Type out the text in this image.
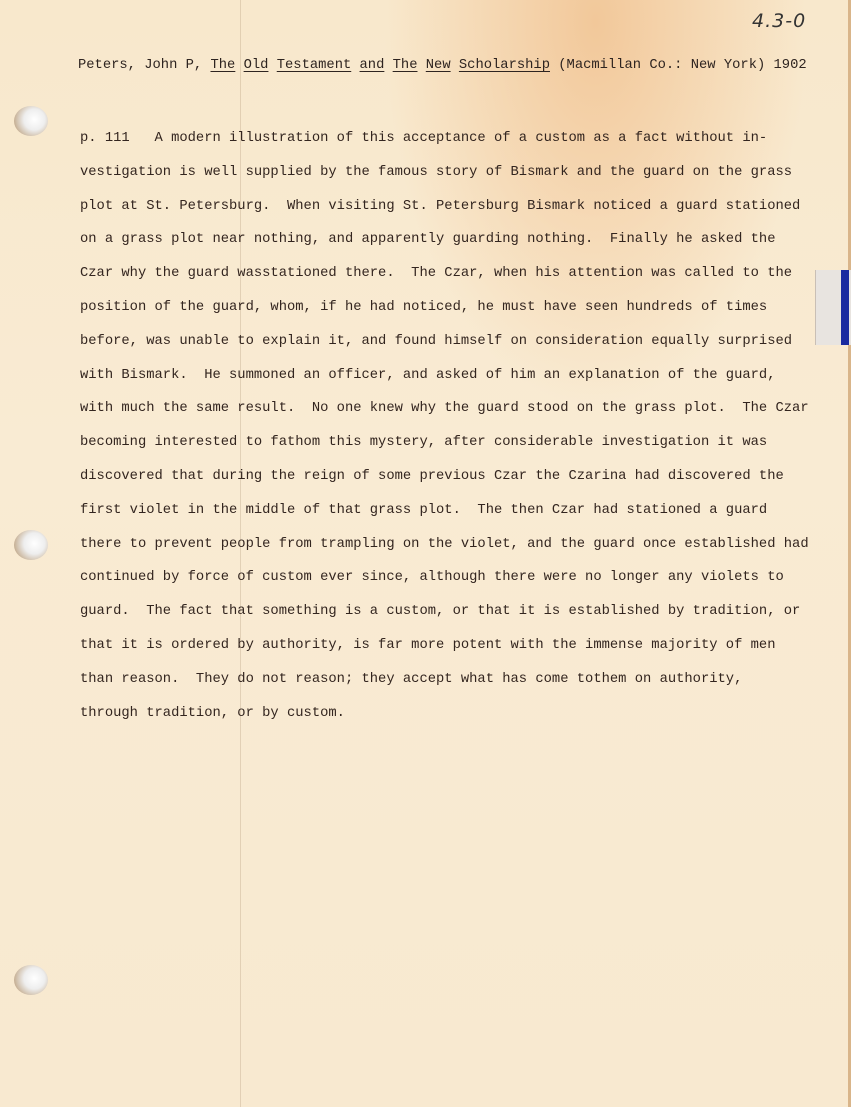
4.3-0
Peters, John P, The Old Testament and The New Scholarship (Macmillan Co.: New York) 1902
p. 111   A modern illustration of this acceptance of a custom as a fact without in-
vestigation is well supplied by the famous story of Bismark and the guard on the grass
plot at St. Petersburg.  When visiting St. Petersburg Bismark noticed a guard stationed
on a grass plot near nothing, and apparently guarding nothing.  Finally he asked the
Czar why the guard wasstationed there.  The Czar, when his attention was called to the
position of the guard, whom, if he had noticed, he must have seen hundreds of times
before, was unable to explain it, and found himself on consideration equally surprised
with Bismark.  He summoned an officer, and asked of him an explanation of the guard,
with much the same result.  No one knew why the guard stood on the grass plot.  The Czar
becoming interested to fathom this mystery, after considerable investigation it was
discovered that during the reign of some previous Czar the Czarina had discovered the
first violet in the middle of that grass plot.  The then Czar had stationed a guard
there to prevent people from trampling on the violet, and the guard once established had
continued by force of custom ever since, although there were no longer any violets to
guard.  The fact that something is a custom, or that it is established by tradition, or
that it is ordered by authority, is far more potent with the immense majority of men
than reason.  They do not reason; they accept what has come tothem on authority,
through tradition, or by custom.
